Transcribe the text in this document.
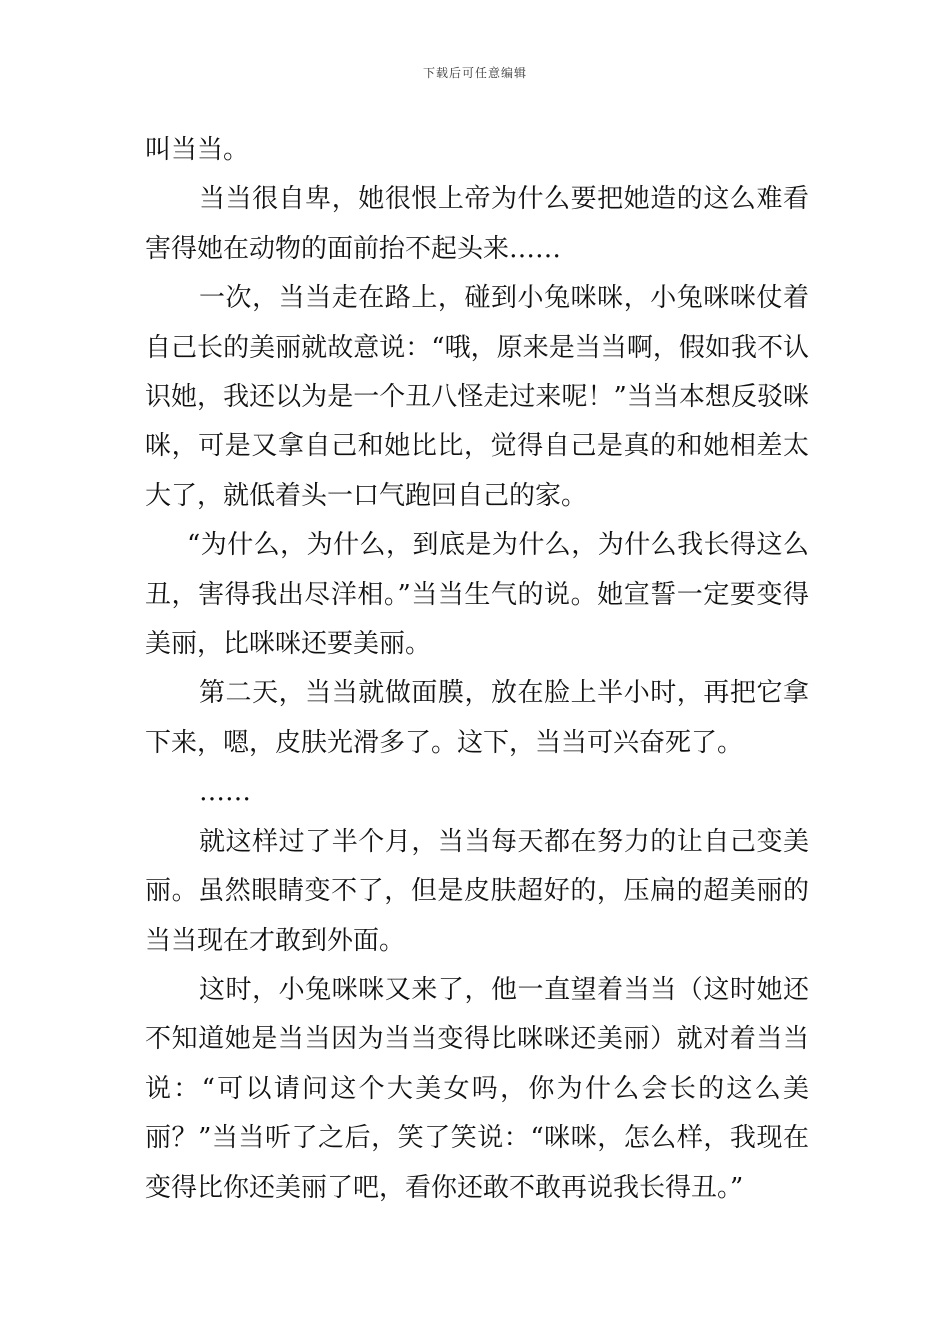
下载后可任意编辑

叫当当。

当当很自卑，她很恨上帝为什么要把她造的这么难看害得她在动物的面前抬不起头来……

一次，当当走在路上，碰到小兔咪咪，小兔咪咪仗着自己长的美丽就故意说：“哦，原来是当当啊，假如我不认识她，我还以为是一个丑八怪走过来呢！”当当本想反驳咪咪，可是又拿自己和她比比，觉得自己是真的和她相差太大了，就低着头一口气跑回自己的家。

“为什么，为什么，到底是为什么，为什么我长得这么丑，害得我出尽洋相。”当当生气的说。她宣誓一定要变得美丽，比咪咪还要美丽。

第二天，当当就做面膜，放在脸上半小时，再把它拿下来，嗯，皮肤光滑多了。这下，当当可兴奋死了。

……

就这样过了半个月，当当每天都在努力的让自己变美丽。虽然眼睛变不了，但是皮肤超好的，压扁的超美丽的当当现在才敢到外面。

这时，小兔咪咪又来了，他一直望着当当（这时她还不知道她是当当因为当当变得比咪咪还美丽）就对着当当说：“可以请问这个大美女吗，你为什么会长的这么美丽？”当当听了之后，笑了笑说：“咪咪，怎么样，我现在变得比你还美丽了吧，看你还敢不敢再说我长得丑。”
